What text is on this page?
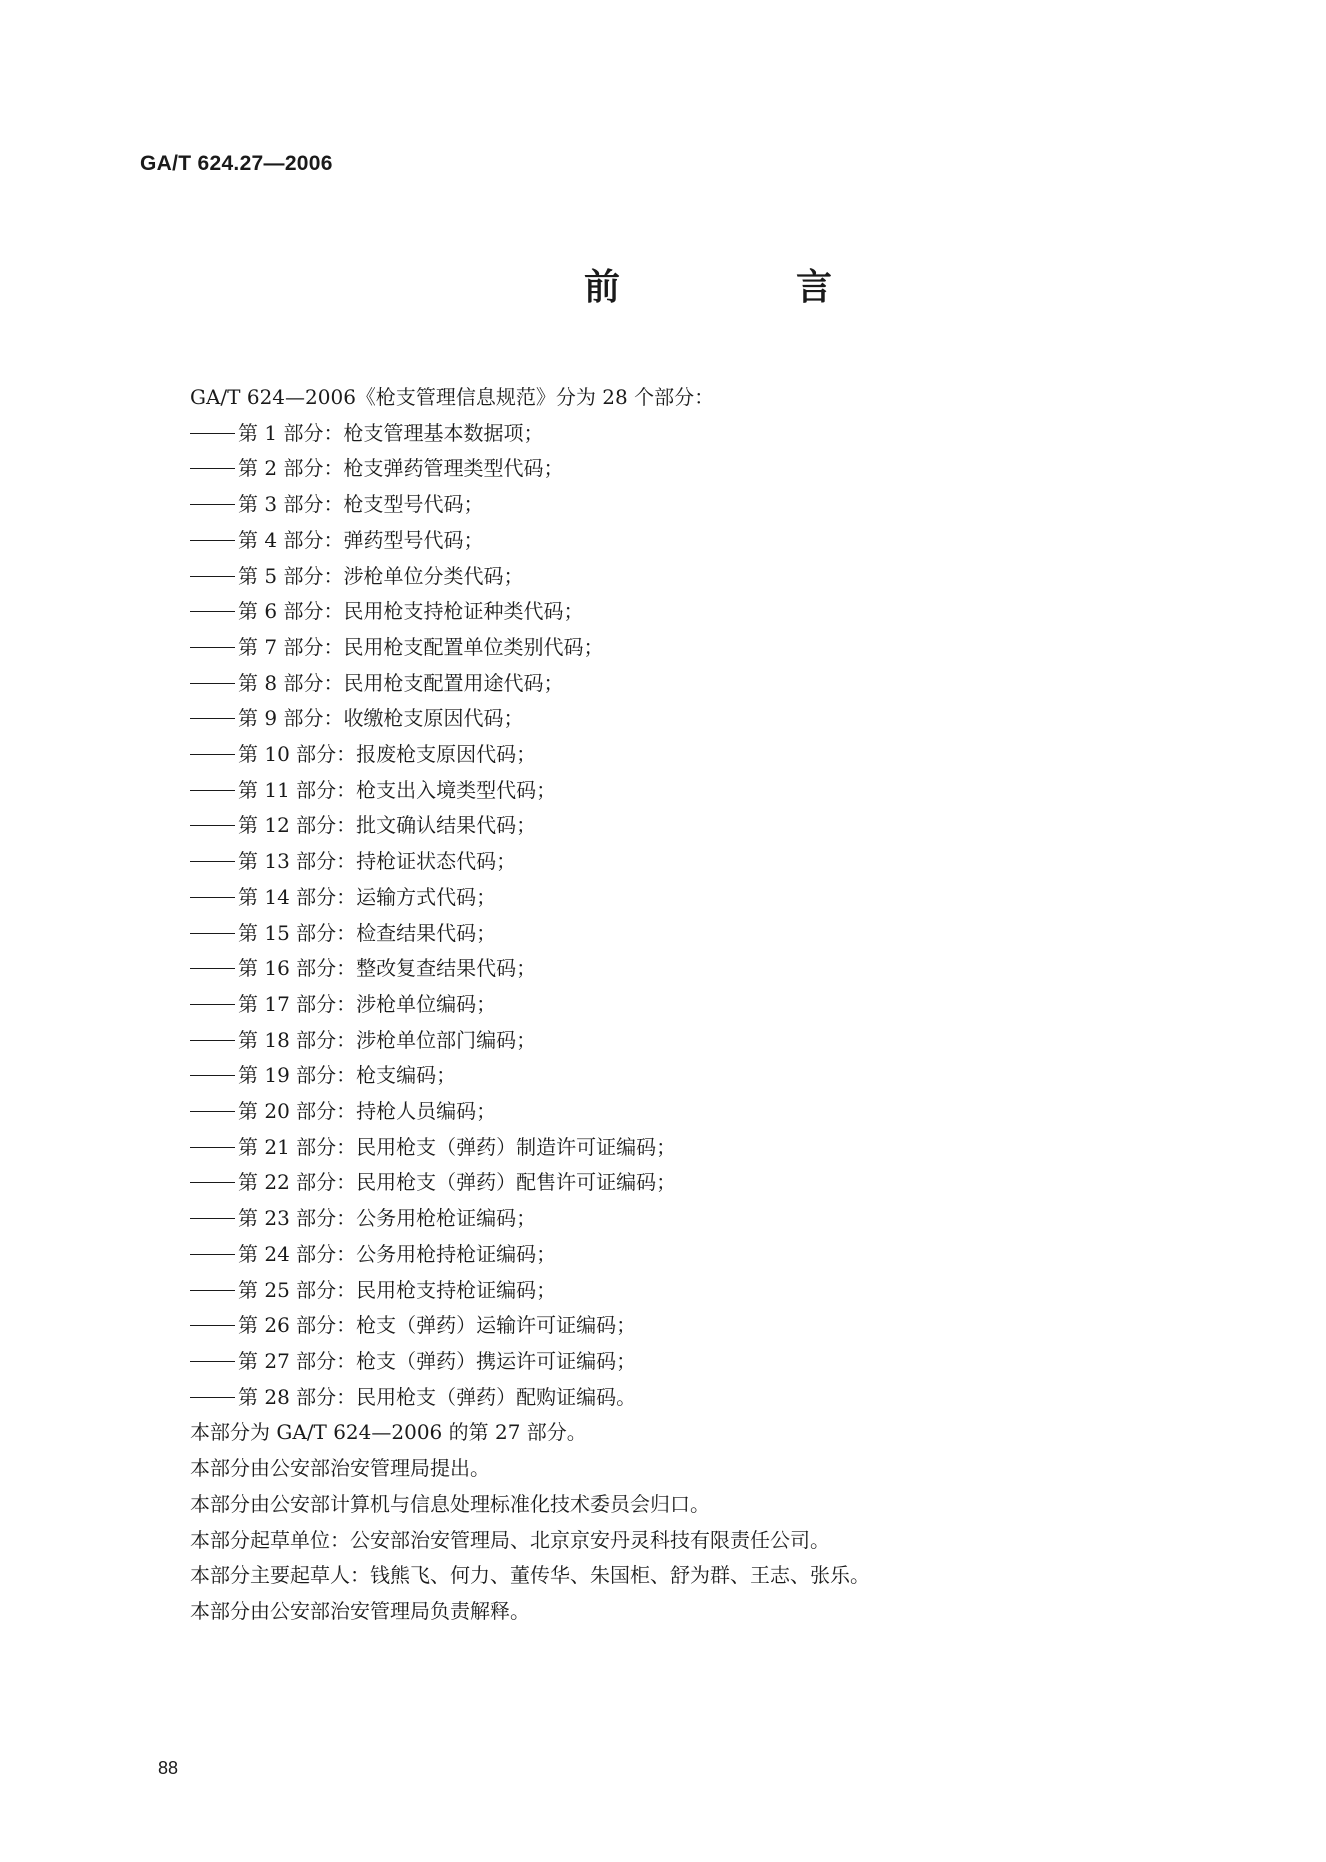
GA/T 624.27—2006
前　言
GA/T 624—2006《枪支管理信息规范》分为 28 个部分：
第 1 部分：枪支管理基本数据项；
第 2 部分：枪支弹药管理类型代码；
第 3 部分：枪支型号代码；
第 4 部分：弹药型号代码；
第 5 部分：涉枪单位分类代码；
第 6 部分：民用枪支持枪证种类代码；
第 7 部分：民用枪支配置单位类别代码；
第 8 部分：民用枪支配置用途代码；
第 9 部分：收缴枪支原因代码；
第 10 部分：报废枪支原因代码；
第 11 部分：枪支出入境类型代码；
第 12 部分：批文确认结果代码；
第 13 部分：持枪证状态代码；
第 14 部分：运输方式代码；
第 15 部分：检查结果代码；
第 16 部分：整改复查结果代码；
第 17 部分：涉枪单位编码；
第 18 部分：涉枪单位部门编码；
第 19 部分：枪支编码；
第 20 部分：持枪人员编码；
第 21 部分：民用枪支（弹药）制造许可证编码；
第 22 部分：民用枪支（弹药）配售许可证编码；
第 23 部分：公务用枪枪证编码；
第 24 部分：公务用枪持枪证编码；
第 25 部分：民用枪支持枪证编码；
第 26 部分：枪支（弹药）运输许可证编码；
第 27 部分：枪支（弹药）携运许可证编码；
第 28 部分：民用枪支（弹药）配购证编码。
本部分为 GA/T 624—2006 的第 27 部分。
本部分由公安部治安管理局提出。
本部分由公安部计算机与信息处理标准化技术委员会归口。
本部分起草单位：公安部治安管理局、北京京安丹灵科技有限责任公司。
本部分主要起草人：钱熊飞、何力、董传华、朱国柜、舒为群、王志、张乐。
本部分由公安部治安管理局负责解释。
88
